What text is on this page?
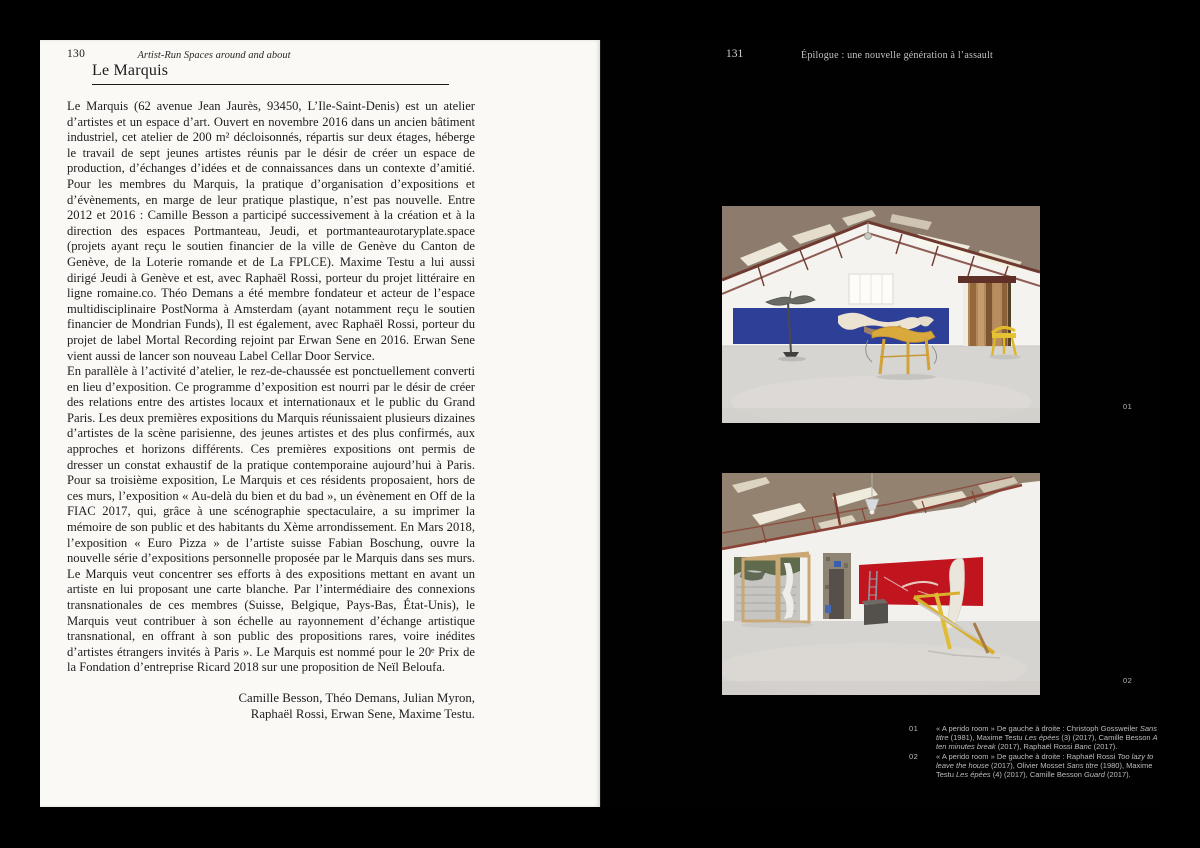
130	Artist-Run Spaces around and about
Le Marquis

Le Marquis (62 avenue Jean Jaurès, 93450, L’Ile-Saint-Denis) est un atelier d’artistes et un espace d’art. Ouvert en novembre 2016 dans un ancien bâtiment industriel, cet atelier de 200 m² décloisonnés, répartis sur deux étages, héberge le travail de sept jeunes artistes réunis par le désir de créer un espace de production, d’échanges d’idées et de connaissances dans un contexte d’amitié. Pour les membres du Marquis, la pratique d’organisation d’expositions et d’évènements, en marge de leur pratique plastique, n’est pas nouvelle. Entre 2012 et 2016 : Camille Besson a participé successivement à la création et à la direction des espaces Portmanteau, Jeudi, et portmanteaurotaryplate.space (projets ayant reçu le soutien financier de la ville de Genève du Canton de Genève, de la Loterie romande et de La FPLCE). Maxime Testu a lui aussi dirigé Jeudi à Genève et est, avec Raphaël Rossi, porteur du projet littéraire en ligne romaine.co. Théo Demans a été membre fondateur et acteur de l’espace multidisciplinaire PostNorma à Amsterdam (ayant notamment reçu le soutien financier de Mondrian Funds), Il est également, avec Raphaël Rossi, porteur du projet de label Mortal Recording rejoint par Erwan Sene en 2016. Erwan Sene vient aussi de lancer son nouveau Label Cellar Door Service.

En parallèle à l’activité d’atelier, le rez-de-chaussée est ponctuellement converti en lieu d’exposition. Ce programme d’exposition est nourri par le désir de créer des relations entre des artistes locaux et internationaux et le public du Grand Paris. Les deux premières expositions du Marquis réunissaient plusieurs dizaines d’artistes de la scène parisienne, des jeunes artistes et des plus confirmés, aux approches et horizons différents. Ces premières expositions ont permis de dresser un constat exhaustif de la pratique contemporaine aujourd’hui à Paris. Pour sa troisième exposition, Le Marquis et ces résidents proposaient, hors de ces murs, l’exposition « Au-delà du bien et du bad », un évènement en Off de la FIAC 2017, qui, grâce à une scénographie spectaculaire, a su imprimer la mémoire de son public et des habitants du Xème arrondissement. En Mars 2018, l’exposition « Euro Pizza » de l’artiste suisse Fabian Boschung, ouvre la nouvelle série d’expositions personnelle proposée par le Marquis dans ses murs. Le Marquis veut concentrer ses efforts à des expositions mettant en avant un artiste en lui proposant une carte blanche. Par l’intermédiaire des connexions transnationales de ces membres (Suisse, Belgique, Pays-Bas, État-Unis), le Marquis veut contribuer à son échelle au rayonnement d’échange artistique transnational, en offrant à son public des propositions rares, voire inédites d’artistes étrangers invités à Paris ». Le Marquis est nommé pour le 20ᵉ Prix de la Fondation d’entreprise Ricard 2018 sur une proposition de Neïl Beloufa.

Camille Besson, Théo Demans, Julian Myron,
Raphaël Rossi, Erwan Sene, Maxime Testu.
131	Épilogue : une nouvelle génération à l’assault
01
02
01	« A perido room » De gauche à droite : Christoph Gossweiler Sans titre (1981), Maxime Testu Les épées (3) (2017), Camille Besson A ten minutes break (2017), Raphaël Rossi Banc (2017).
02	« A perido room » De gauche à droite : Raphaël Rossi Too lazy to leave the house (2017), Olivier Mosset Sans titre (1980), Maxime Testu Les épées (4) (2017), Camille Besson Guard (2017).
